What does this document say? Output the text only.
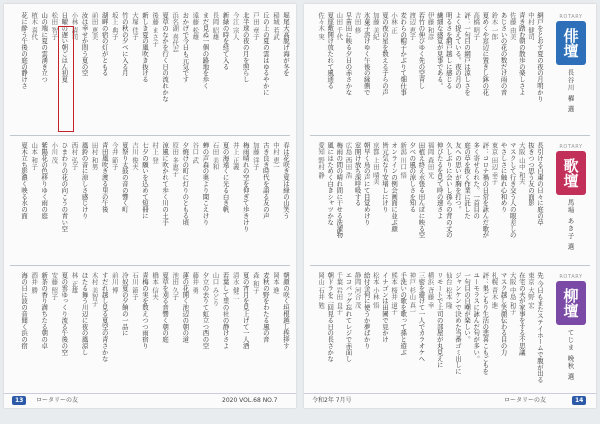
13	ロータリーの友	2020 VOL.68 NO.7
堀尾大高脱げ海が冬を
稲城 若武
丘の上の夏の雲はゆるやかに
戸田 章子
北半球の夜の月を照らし
今江 宗人
新緑の時を経て入る
長岡 昭雄
まだ見ぬ一個の路地を歩く
遠藤 松雄
おかげで今日も元気です
浜名湖 喜代志
夏草のなかを行く日の流れかな
後藤 まさ子
新しき夏の風吹き抜ける
大塚 佳子
竹の秋の夕べに入る月
坂上 典子
湖畔の宿の灯がともる
前田 恵美
汝は幸せか問う夏の空
小林 清司
日曜の遅い朝ごはん初夏
松田 智子
山の端に夏の雲湧き立つ
植木 喜代
花に酔う午後の庭の静けさ
春は花咲き夏は緑の山笑う
中村 恵一
古き良き時代を語る友の声
加藤 洋子
梅雨晴れの空を仰ぎて歩きけり
井上 正義
夏の海遠くに光る白き帆
石田 美和
蝉の声森の奥より聞こえけり
谷口 武
夕焼けの町に灯りのともる頃
原田 多恵子
涼風に吹かれて歩く川の土手
村上 登
七夕の願いを込めて短冊に
吉川 俊夫
夏祭り太鼓の音の響く町
今井 節子
青田風吹き渡る里の午後
田村 和男
風鈴の音に涼しさ感じけり
西村 弘子
ひまわりの花の向こうの青い空
小川 茂
紫陽花の色移りゆく雨の庭
山本 和子
夏木立ち影濃く映る水の面
朝顔の咲く垣根越し挨拶す
岡本 進
麦秋の野をわたる風の音
森 和子
夏の宵月を見上げて一人酒
清水 健二
若葉して里の社の静けさよ
山口 みどり
夕立の去りて虹立つ西の空
藤井 勇
蓮の花開く池辺の朝の道
池田 久子
夏草を刈る音響く朝の庭
橋本 信夫
青梅の実を数えつつ雨宿り
石川 節子
冷奴夏の夕餉の一品に
前川 博
すだれ越し見る夏空の青さかな
木村 美智子
ほたる舞う川辺に夜の風涼し
林 正雄
夏の雲ゆっくり流る午後の空
安藤 照子
新茶の香り満ちたる朝の卓
酒井 勝
海の日に波の音聞く浜の宿
令和2年 7月号	ロータリーの友	14
ROTARY
俳壇
長谷川 櫂 選
網戸をとおす夏の夜の月明かり
中村 健司
青き踏む朝の散歩の楽しさよ
佐藤 由美
あじさいの花の数だけ雨の音
鈴木 一郎
夏めくや窓辺に置きし鉢の花
高橋 明子
評：一句目の網戸は涼しさを
よく捉えている。夜の月の
明るさを網戸越しに感じる
繊細な感覚が見事である。
伊藤 和彦
若竹の伸びゆく先の空青し
渡辺 恵子
麦わらの帽子かぶりて畑仕事
小林 正
夏の夜の星を数える子らの声
加藤 美紀
氷菓子溶けゆく午後の縁側で
吉田 修
早苗田に映る夕日の赤さかな
山田 千代
夏座敷開け放たれて風通る
佐々木 実
ROTARY
歌壇
馬場 あき子 選
長引ける自粛の日々に庭の草
抜きつつ思う友の面影
大阪 山中 和夫
マスクして行き交う人の眼差しの
やさしさに触れ心和めり
東京 田辺 幸子
評：コロナ禍の日常を詠んだ歌が
多く寄せられた。一首目の
庭の草を抜く作業に託した
友への思いが胸を打つ。
久しぶりに会いし孫らの背の丈の
伸びたるを見て時の速さよ
福岡 森田 光
田植え終え水張る田んぼに映る空
夕べの風の涼しさを知る
新潟 川口 悟
オンラインの例会画面に並ぶ顔
皆元気なり安堵しにけり
京都 上田 晴美
朝早く鳥の声にて目覚めけり
窓開け放ち深呼吸する
広島 西田 浩
梅雨の間の晴れ間に干せる洗濯物
風にはためく白きシャツかな
愛知 野村 静
ROTARY
柳壇
てじま 晩秋 選
先 今日もまたステイホームで腹が出る
東京 大野 宏
在宅の夫が家事をする不思議
大阪 中島 和子
マスク越し笑顔伝わる目の力
札幌 青木 進
評：巣ごもり生活の悲喜こもごもを
ユーモラスに詠んだ句が多い。
一句目の自嘲が楽しい。
ジャンケンで決めた当番ゴミ出しに
仙台 松本 隆
リモートで上司の部屋が丸見えに
横浜 斉藤 幸
三密を避けて一人でカラオケへ
神戸 杉山 真一
手洗いの歌を歌って孫と遊ぶ
熊本 桜井 道子
イナゴンは田圃で見かけ
松本 小林 悟
給付金何に使うか夢ばかり
静岡 河合 茂
エコバッグ忘れてレジで赤面し
千葉 岩田 良子
朝ドラを二回見る日の長さかな
岡山 石井 勉
